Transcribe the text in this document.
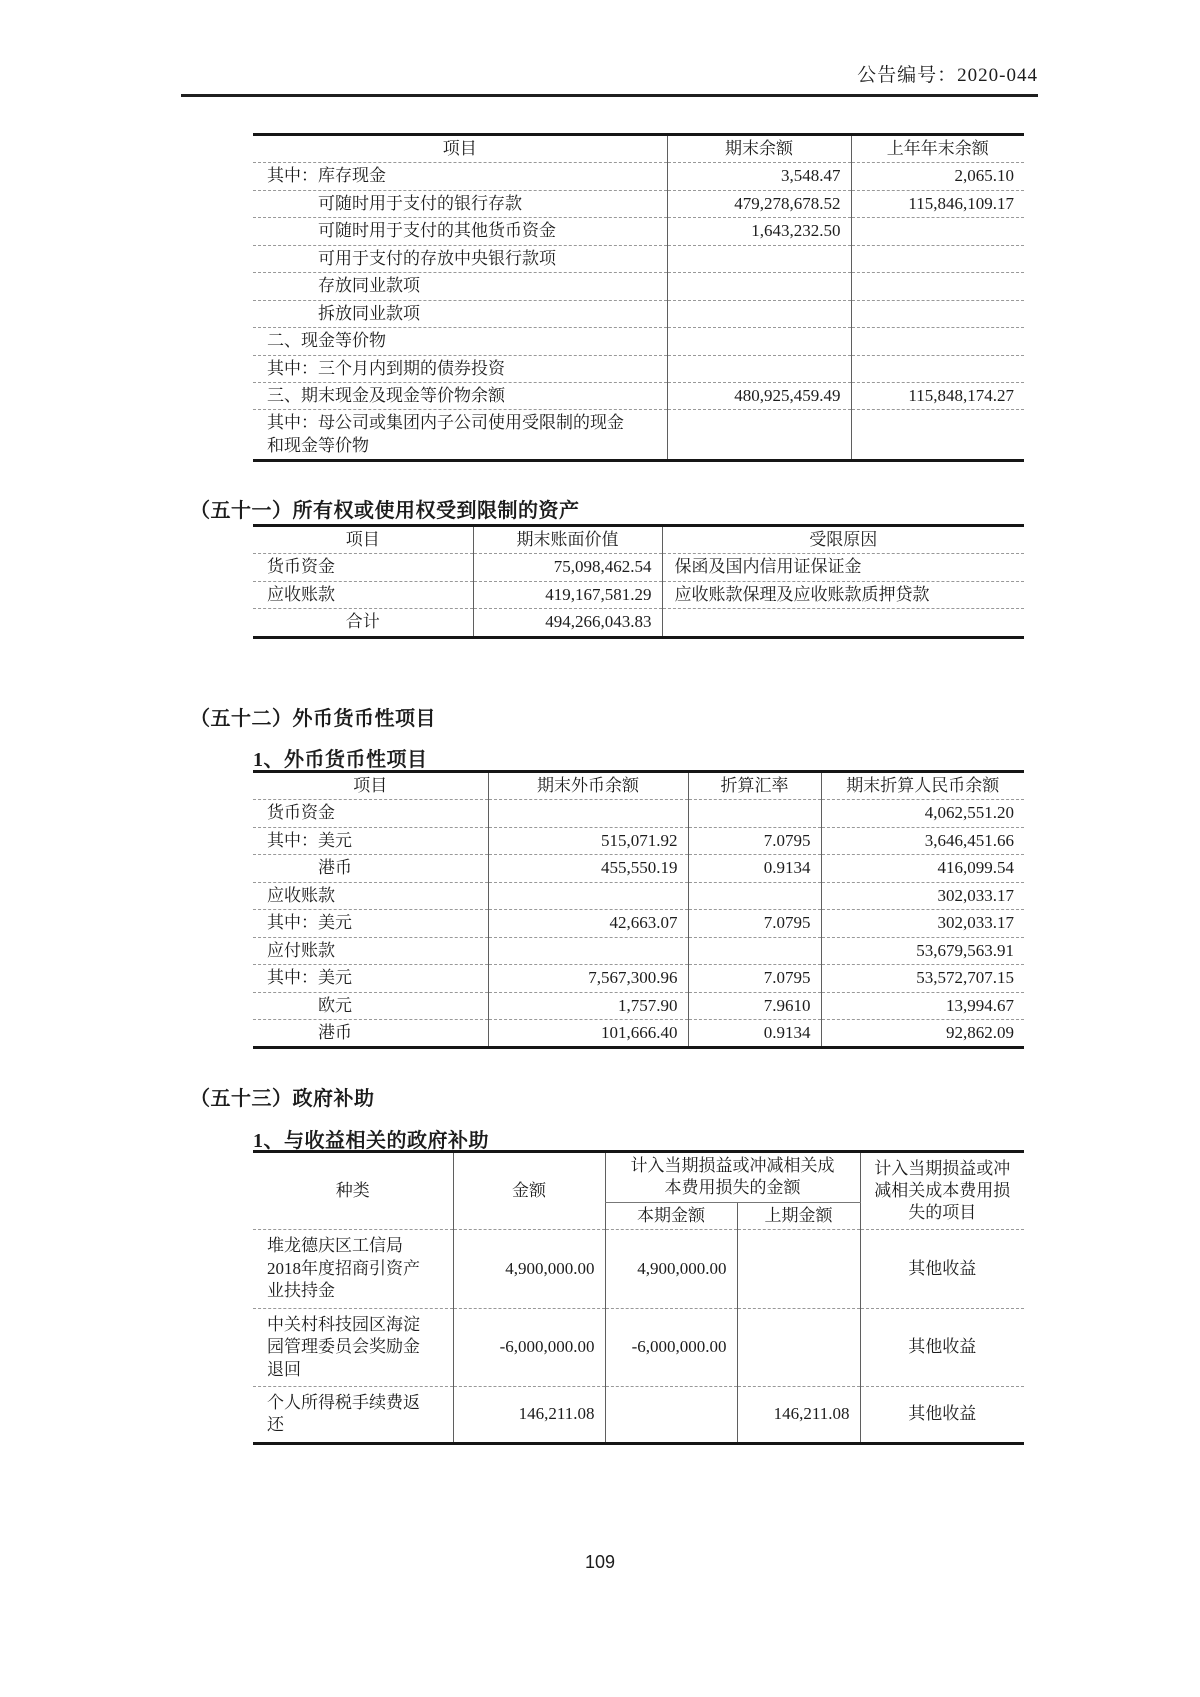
公告编号：2020-044
项目	期末余额	上年年末余额
其中：库存现金	3,548.47	2,065.10
可随时用于支付的银行存款	479,278,678.52	115,846,109.17
可随时用于支付的其他货币资金	1,643,232.50	
可用于支付的存放中央银行款项		
存放同业款项		
拆放同业款项		
二、现金等价物		
其中：三个月内到期的债券投资		
三、期末现金及现金等价物余额	480,925,459.49	115,848,174.27
其中：母公司或集团内子公司使用受限制的现金和现金等价物		
（五十一）所有权或使用权受到限制的资产
项目	期末账面价值	受限原因
货币资金	75,098,462.54	保函及国内信用证保证金
应收账款	419,167,581.29	应收账款保理及应收账款质押贷款
合计	494,266,043.83	
（五十二）外币货币性项目
1、外币货币性项目
项目	期末外币余额	折算汇率	期末折算人民币余额
货币资金			4,062,551.20
其中：美元	515,071.92	7.0795	3,646,451.66
港币	455,550.19	0.9134	416,099.54
应收账款			302,033.17
其中：美元	42,663.07	7.0795	302,033.17
应付账款			53,679,563.91
其中：美元	7,567,300.96	7.0795	53,572,707.15
欧元	1,757.90	7.9610	13,994.67
港币	101,666.40	0.9134	92,862.09
（五十三）政府补助
1、与收益相关的政府补助
种类	金额	计入当期损益或冲减相关成本费用损失的金额		计入当期损益或冲减相关成本费用损失的项目
		本期金额	上期金额	
堆龙德庆区工信局2018年度招商引资产业扶持金	4,900,000.00	4,900,000.00		其他收益
中关村科技园区海淀园管理委员会奖励金退回	-6,000,000.00	-6,000,000.00		其他收益
个人所得税手续费返还	146,211.08		146,211.08	其他收益
109
